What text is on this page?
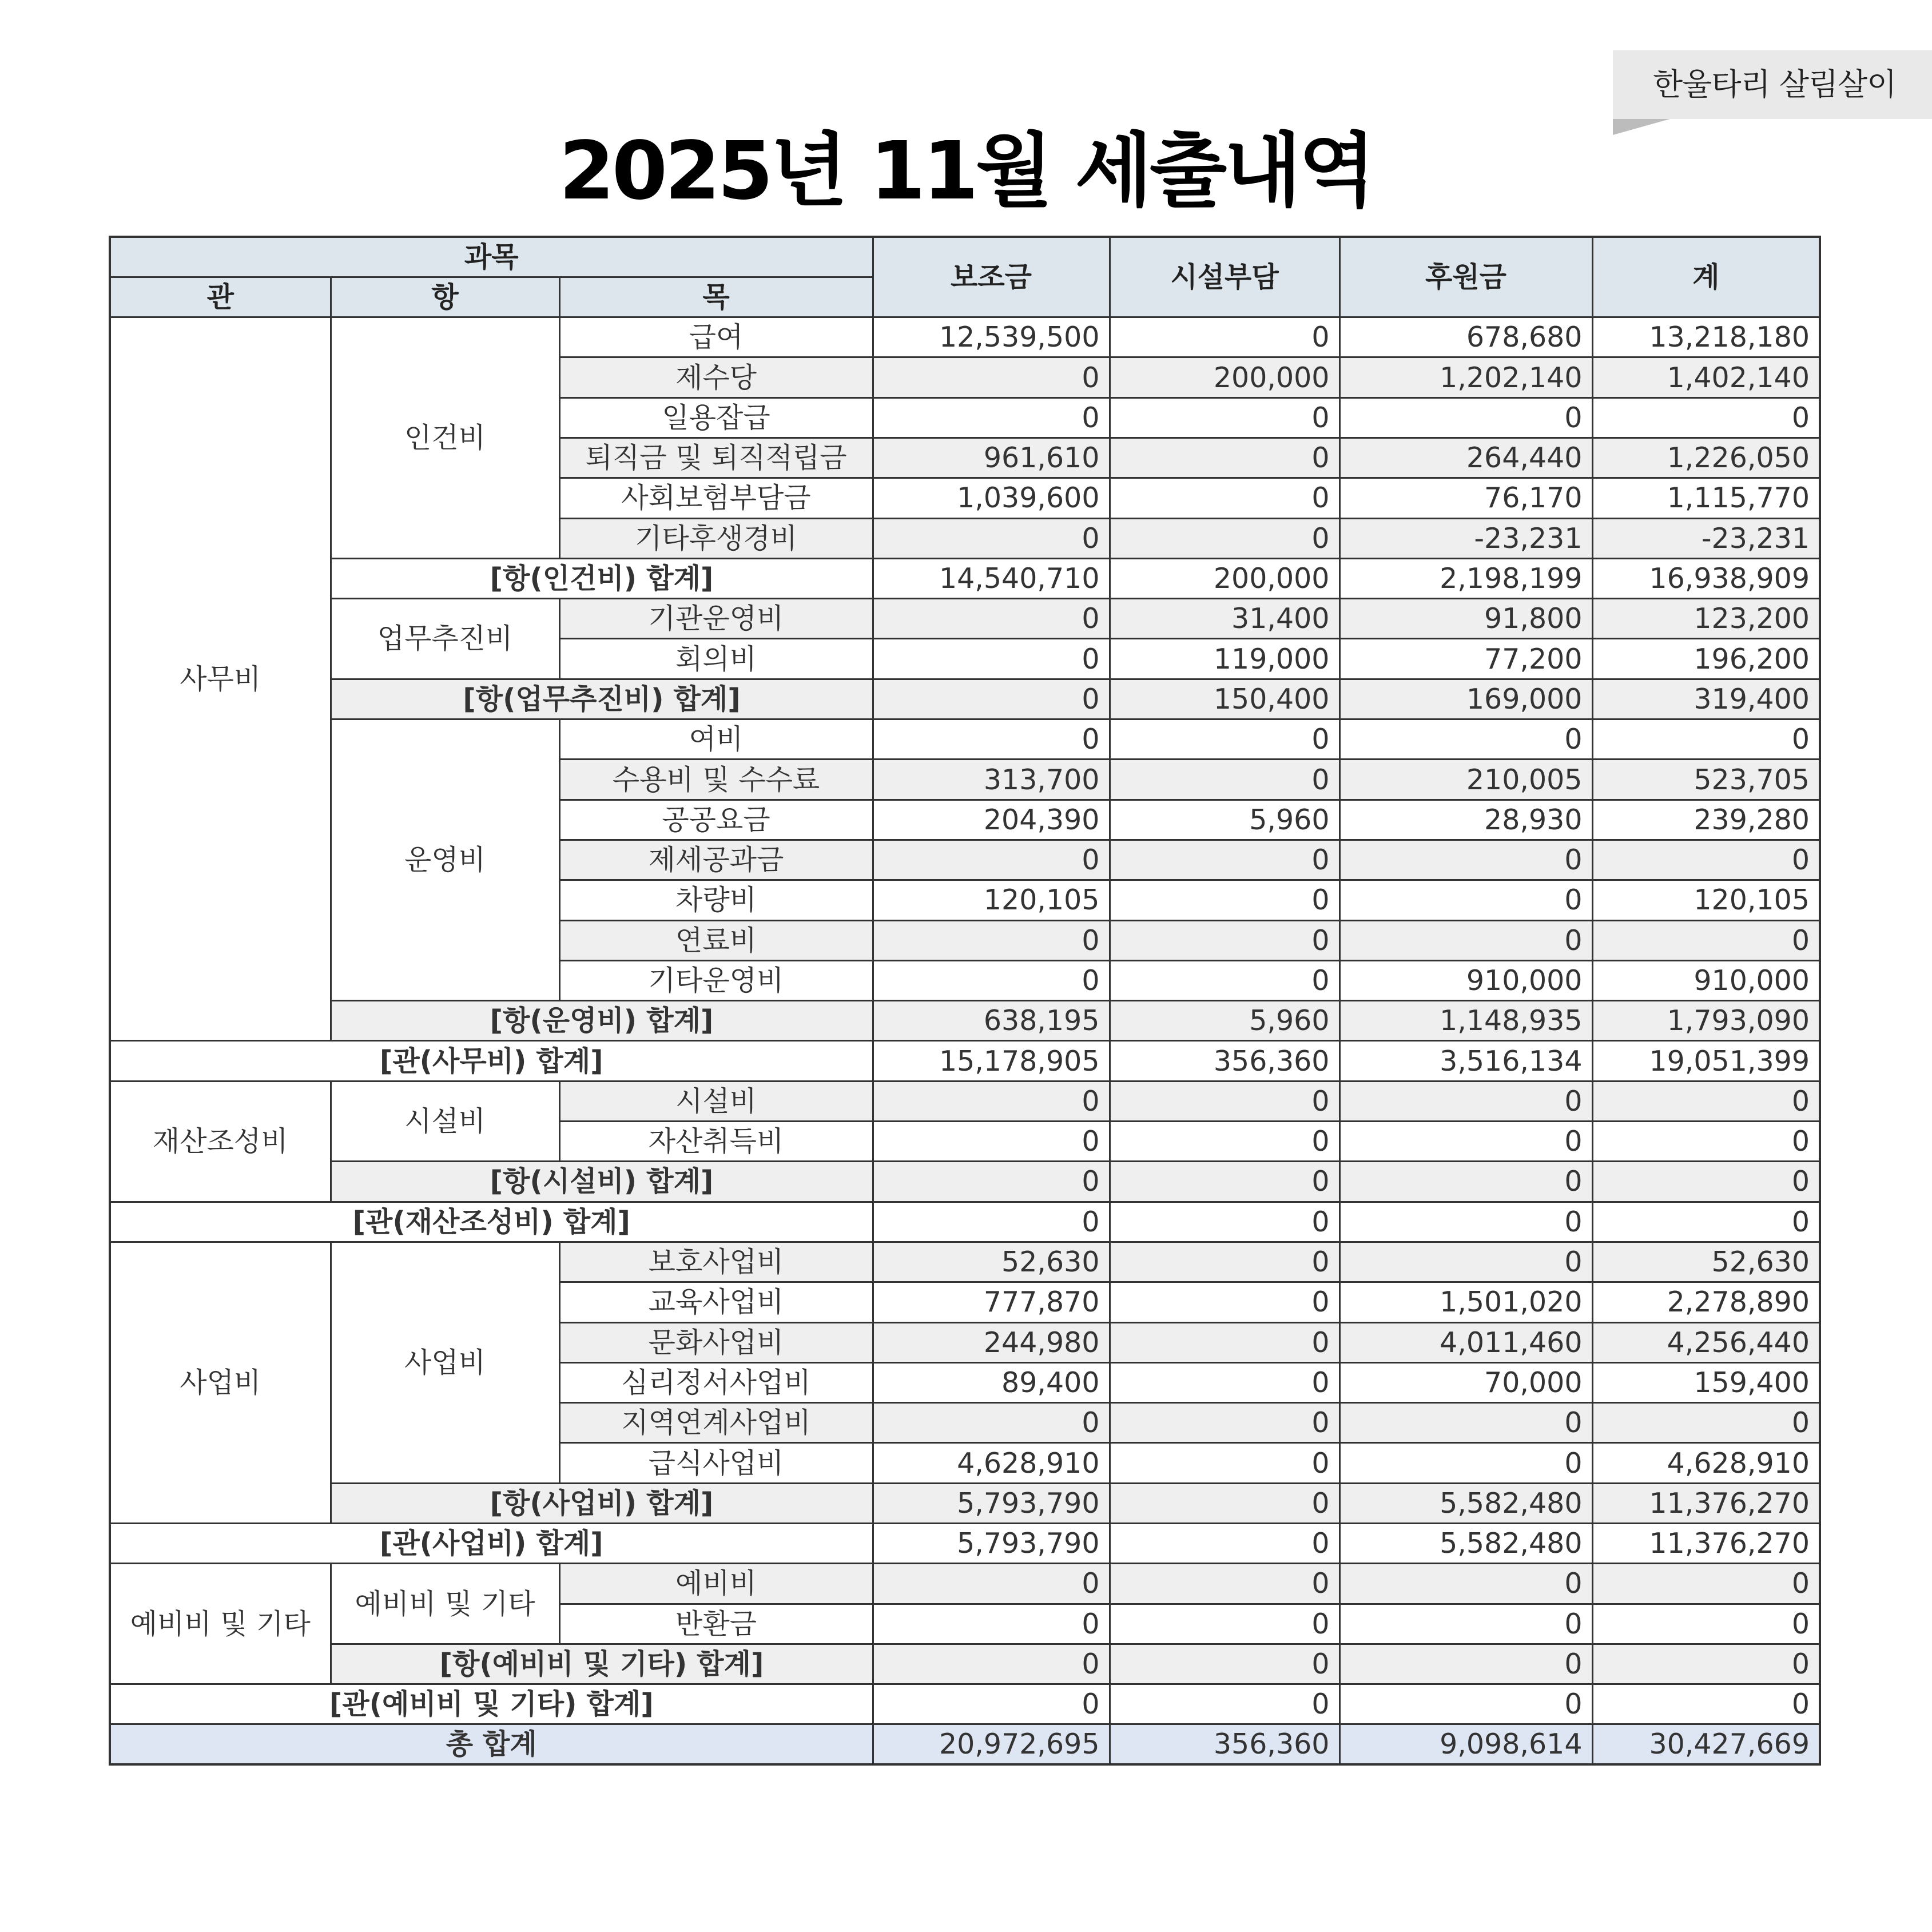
한울타리 살림살이
2025년 11월 세출내역
과목			보조금	시설부담	후원금	계
관	항	목				
사무비	인건비	급여	12,539,500	0	678,680	13,218,180
		제수당	0	200,000	1,202,140	1,402,140
		일용잡급	0	0	0	0
		퇴직금 및 퇴직적립금	961,610	0	264,440	1,226,050
		사회보험부담금	1,039,600	0	76,170	1,115,770
		기타후생경비	0	0	-23,231	-23,231
	[항(인건비) 합계]		14,540,710	200,000	2,198,199	16,938,909
	업무추진비	기관운영비	0	31,400	91,800	123,200
		회의비	0	119,000	77,200	196,200
	[항(업무추진비) 합계]		0	150,400	169,000	319,400
	운영비	여비	0	0	0	0
		수용비 및 수수료	313,700	0	210,005	523,705
		공공요금	204,390	5,960	28,930	239,280
		제세공과금	0	0	0	0
		차량비	120,105	0	0	120,105
		연료비	0	0	0	0
		기타운영비	0	0	910,000	910,000
	[항(운영비) 합계]		638,195	5,960	1,148,935	1,793,090
[관(사무비) 합계]			15,178,905	356,360	3,516,134	19,051,399
재산조성비	시설비	시설비	0	0	0	0
		자산취득비	0	0	0	0
	[항(시설비) 합계]		0	0	0	0
[관(재산조성비) 합계]			0	0	0	0
사업비	사업비	보호사업비	52,630	0	0	52,630
		교육사업비	777,870	0	1,501,020	2,278,890
		문화사업비	244,980	0	4,011,460	4,256,440
		심리정서사업비	89,400	0	70,000	159,400
		지역연계사업비	0	0	0	0
		급식사업비	4,628,910	0	0	4,628,910
	[항(사업비) 합계]		5,793,790	0	5,582,480	11,376,270
[관(사업비) 합계]			5,793,790	0	5,582,480	11,376,270
예비비 및 기타	예비비 및 기타	예비비	0	0	0	0
		반환금	0	0	0	0
	[항(예비비 및 기타) 합계]		0	0	0	0
[관(예비비 및 기타) 합계]			0	0	0	0
총 합계			20,972,695	356,360	9,098,614	30,427,669
